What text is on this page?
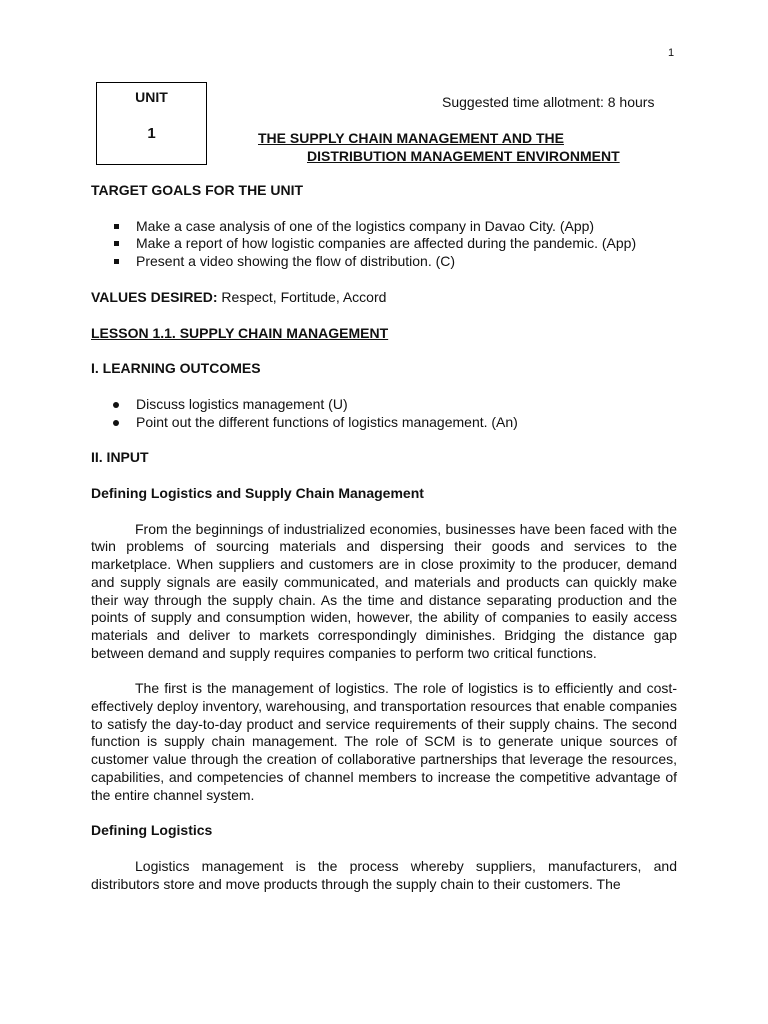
1
UNIT
1
Suggested time allotment: 8 hours
THE SUPPLY CHAIN MANAGEMENT AND THE
DISTRIBUTION MANAGEMENT ENVIRONMENT
TARGET GOALS FOR THE UNIT
Make a case analysis of one of the logistics company in Davao City. (App)
Make a report of how logistic companies are affected during the pandemic. (App)
Present a video showing the flow of distribution. (C)
VALUES DESIRED: Respect, Fortitude, Accord
LESSON 1.1. SUPPLY CHAIN MANAGEMENT
I. LEARNING OUTCOMES
Discuss logistics management (U)
Point out the different functions of logistics management. (An)
II. INPUT
Defining Logistics and Supply Chain Management

From the beginnings of industrialized economies, businesses have been faced with the twin problems of sourcing materials and dispersing their goods and services to the marketplace. When suppliers and customers are in close proximity to the producer, demand and supply signals are easily communicated, and materials and products can quickly make their way through the supply chain. As the time and distance separating production and the points of supply and consumption widen, however, the ability of companies to easily access materials and deliver to markets correspondingly diminishes. Bridging the distance gap between demand and supply requires companies to perform two critical functions.

The first is the management of logistics. The role of logistics is to efficiently and cost-effectively deploy inventory, warehousing, and transportation resources that enable companies to satisfy the day-to-day product and service requirements of their supply chains. The second function is supply chain management. The role of SCM is to generate unique sources of customer value through the creation of collaborative partnerships that leverage the resources, capabilities, and competencies of channel members to increase the competitive advantage of the entire channel system.

Defining Logistics

Logistics management is the process whereby suppliers, manufacturers, and distributors store and move products through the supply chain to their customers. The
